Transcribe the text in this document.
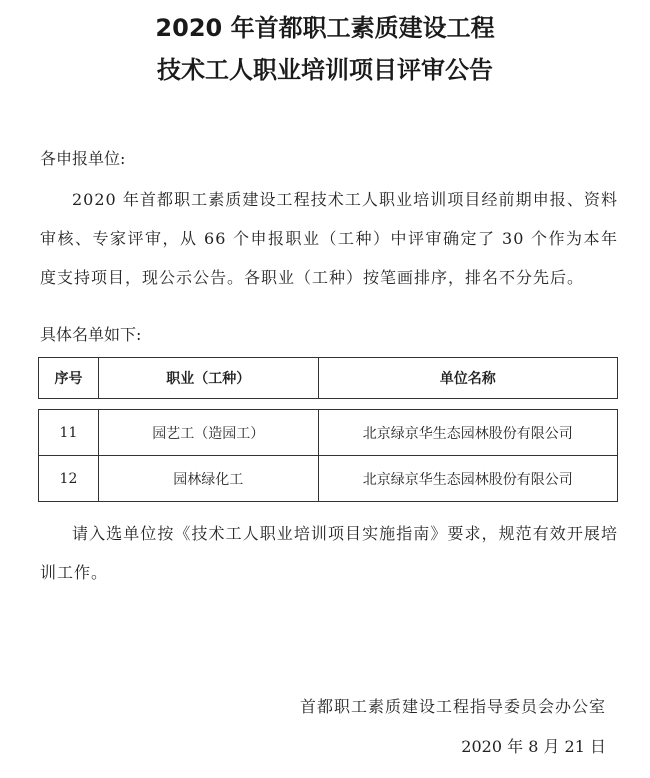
2020 年首都职工素质建设工程
技术工人职业培训项目评审公告
各申报单位:
2020 年首都职工素质建设工程技术工人职业培训项目经前期申报、资料审核、专家评审，从 66 个申报职业（工种）中评审确定了 30 个作为本年度支持项目，现公示公告。各职业（工种）按笔画排序，排名不分先后。
具体名单如下:
序号	职业（工种）	单位名称

11	园艺工（造园工）	北京绿京华生态园林股份有限公司
12	园林绿化工	北京绿京华生态园林股份有限公司
请入选单位按《技术工人职业培训项目实施指南》要求，规范有效开展培训工作。
首都职工素质建设工程指导委员会办公室
2020 年 8 月 21 日
